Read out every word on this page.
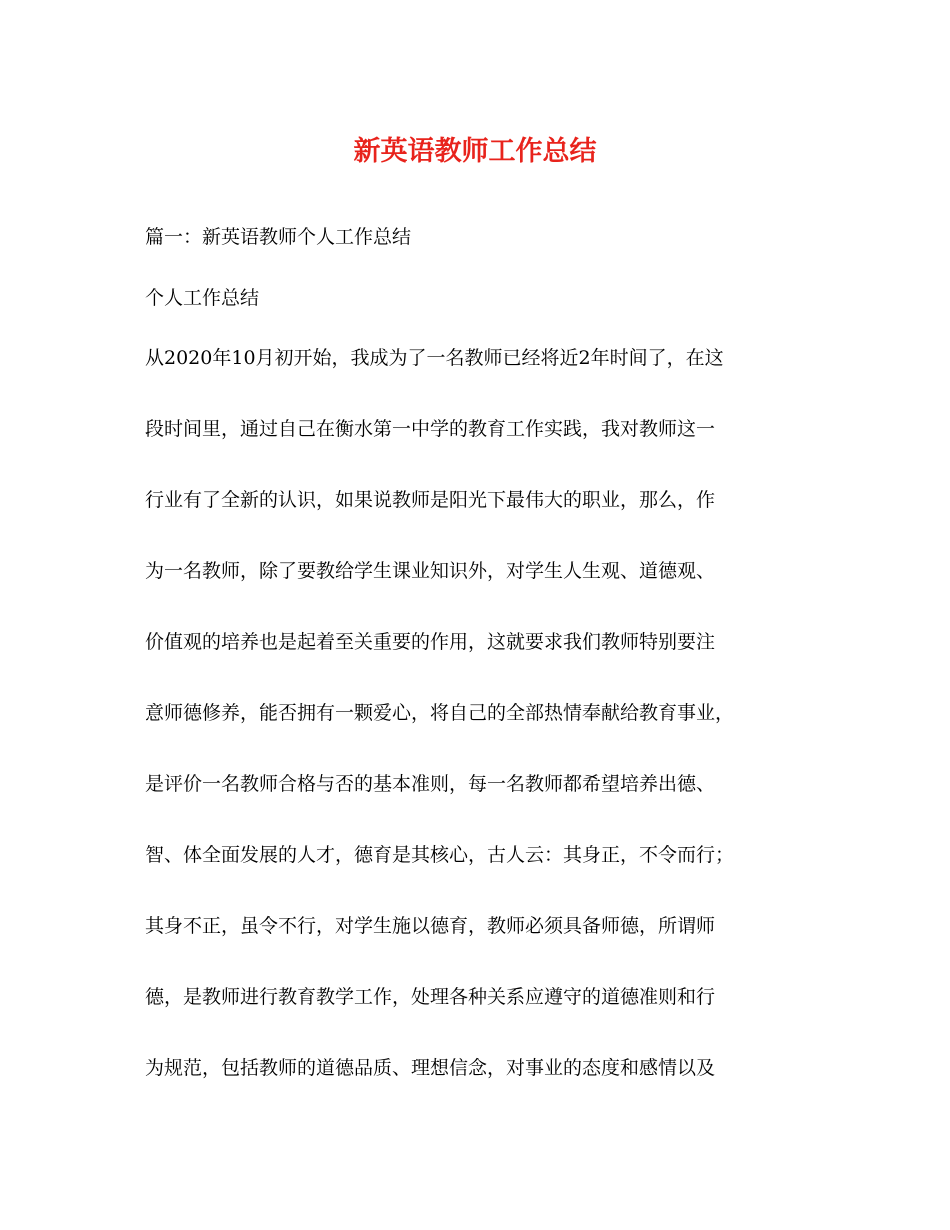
新英语教师工作总结
篇一：新英语教师个人工作总结
个人工作总结
从2020年10月初开始，我成为了一名教师已经将近2年时间了，在这
段时间里，通过自己在衡水第一中学的教育工作实践，我对教师这一
行业有了全新的认识，如果说教师是阳光下最伟大的职业，那么，作
为一名教师，除了要教给学生课业知识外，对学生人生观、道德观、
价值观的培养也是起着至关重要的作用，这就要求我们教师特别要注
意师德修养，能否拥有一颗爱心，将自己的全部热情奉献给教育事业，
是评价一名教师合格与否的基本准则，每一名教师都希望培养出德、
智、体全面发展的人才，德育是其核心，古人云：其身正，不令而行；
其身不正，虽令不行，对学生施以德育，教师必须具备师德，所谓师
德，是教师进行教育教学工作，处理各种关系应遵守的道德准则和行
为规范，包括教师的道德品质、理想信念，对事业的态度和感情以及
